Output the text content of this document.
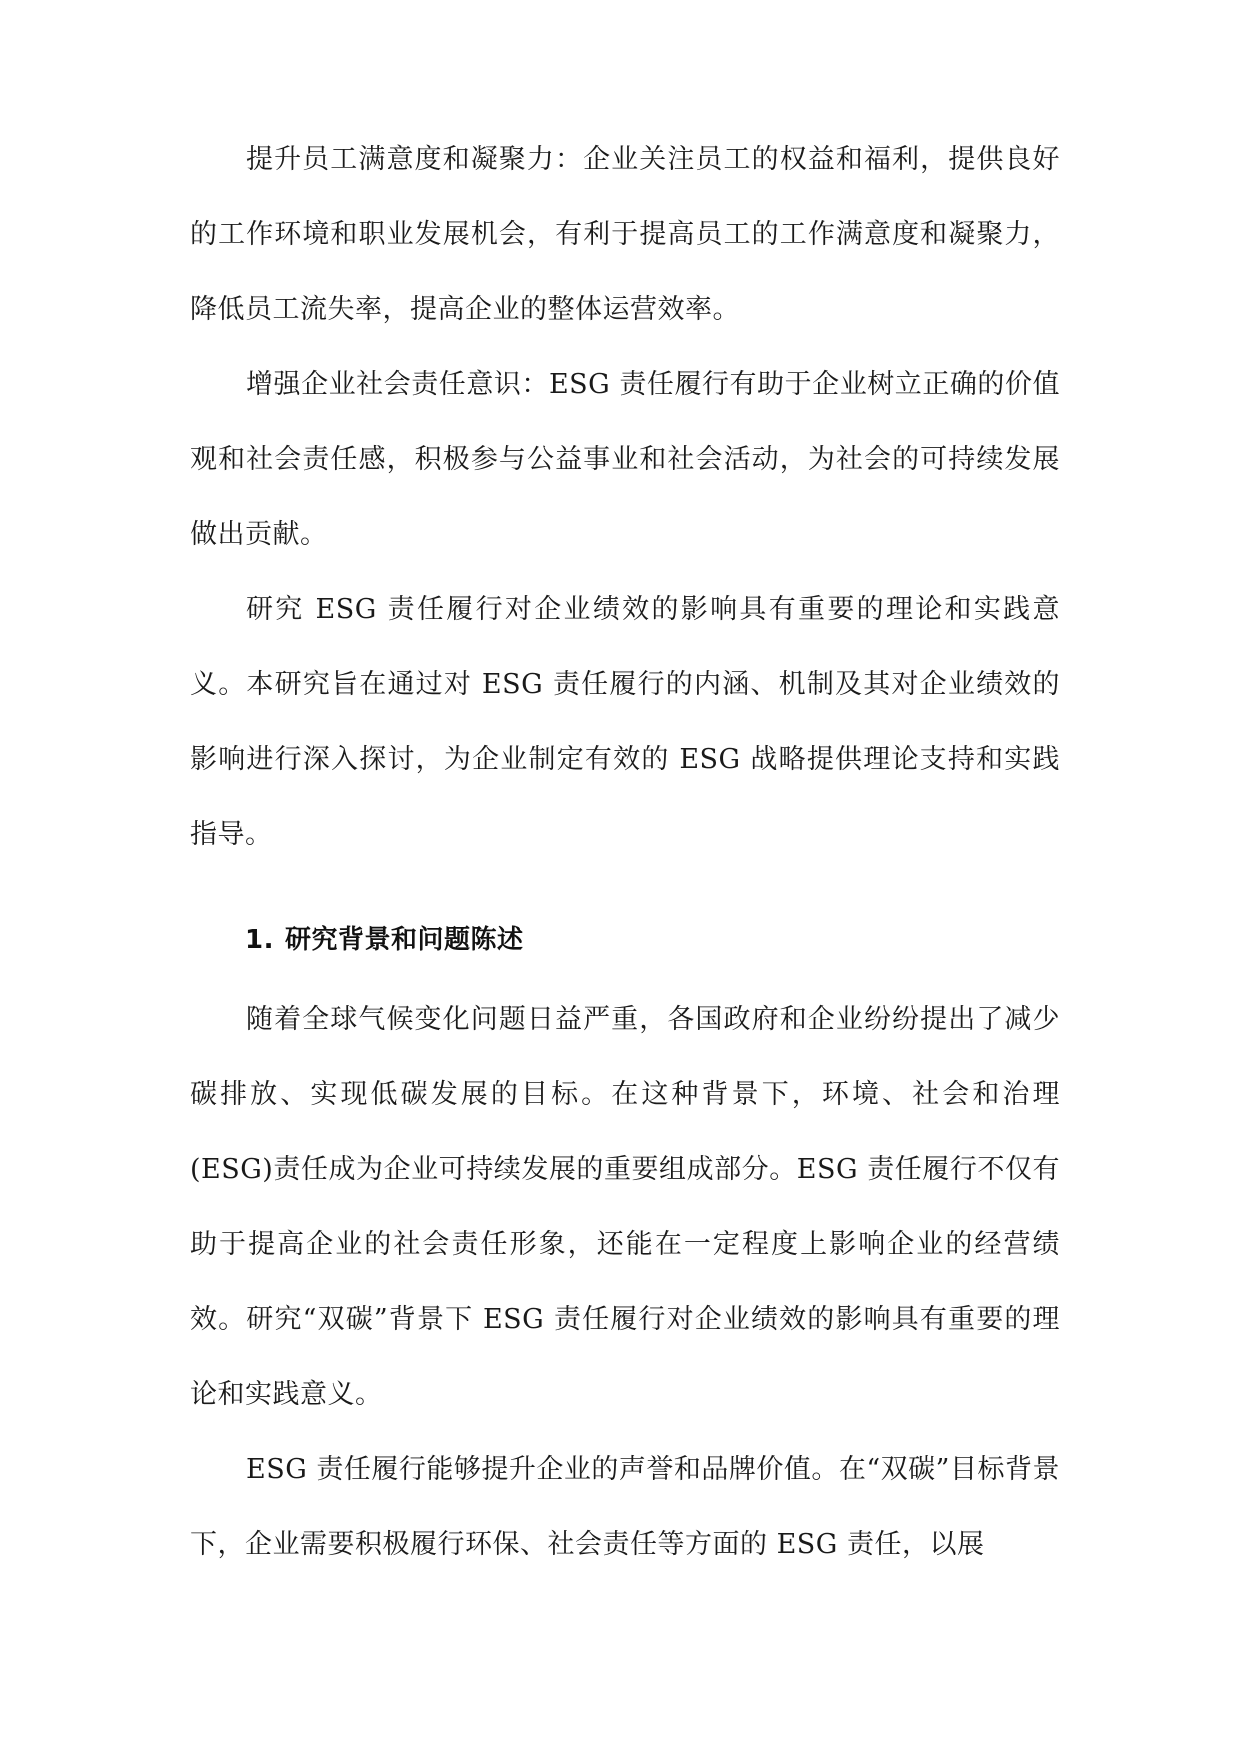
提升员工满意度和凝聚力：企业关注员工的权益和福利，提供良好的工作环境和职业发展机会，有利于提高员工的工作满意度和凝聚力，降低员工流失率，提高企业的整体运营效率。

增强企业社会责任意识：ESG 责任履行有助于企业树立正确的价值观和社会责任感，积极参与公益事业和社会活动，为社会的可持续发展做出贡献。

研究 ESG 责任履行对企业绩效的影响具有重要的理论和实践意义。本研究旨在通过对 ESG 责任履行的内涵、机制及其对企业绩效的影响进行深入探讨，为企业制定有效的 ESG 战略提供理论支持和实践指导。

1. 研究背景和问题陈述

随着全球气候变化问题日益严重，各国政府和企业纷纷提出了减少碳排放、实现低碳发展的目标。在这种背景下，环境、社会和治理(ESG)责任成为企业可持续发展的重要组成部分。ESG 责任履行不仅有助于提高企业的社会责任形象，还能在一定程度上影响企业的经营绩效。研究“双碳”背景下 ESG 责任履行对企业绩效的影响具有重要的理论和实践意义。

ESG 责任履行能够提升企业的声誉和品牌价值。在“双碳”目标背景下，企业需要积极履行环保、社会责任等方面的 ESG 责任，以展
